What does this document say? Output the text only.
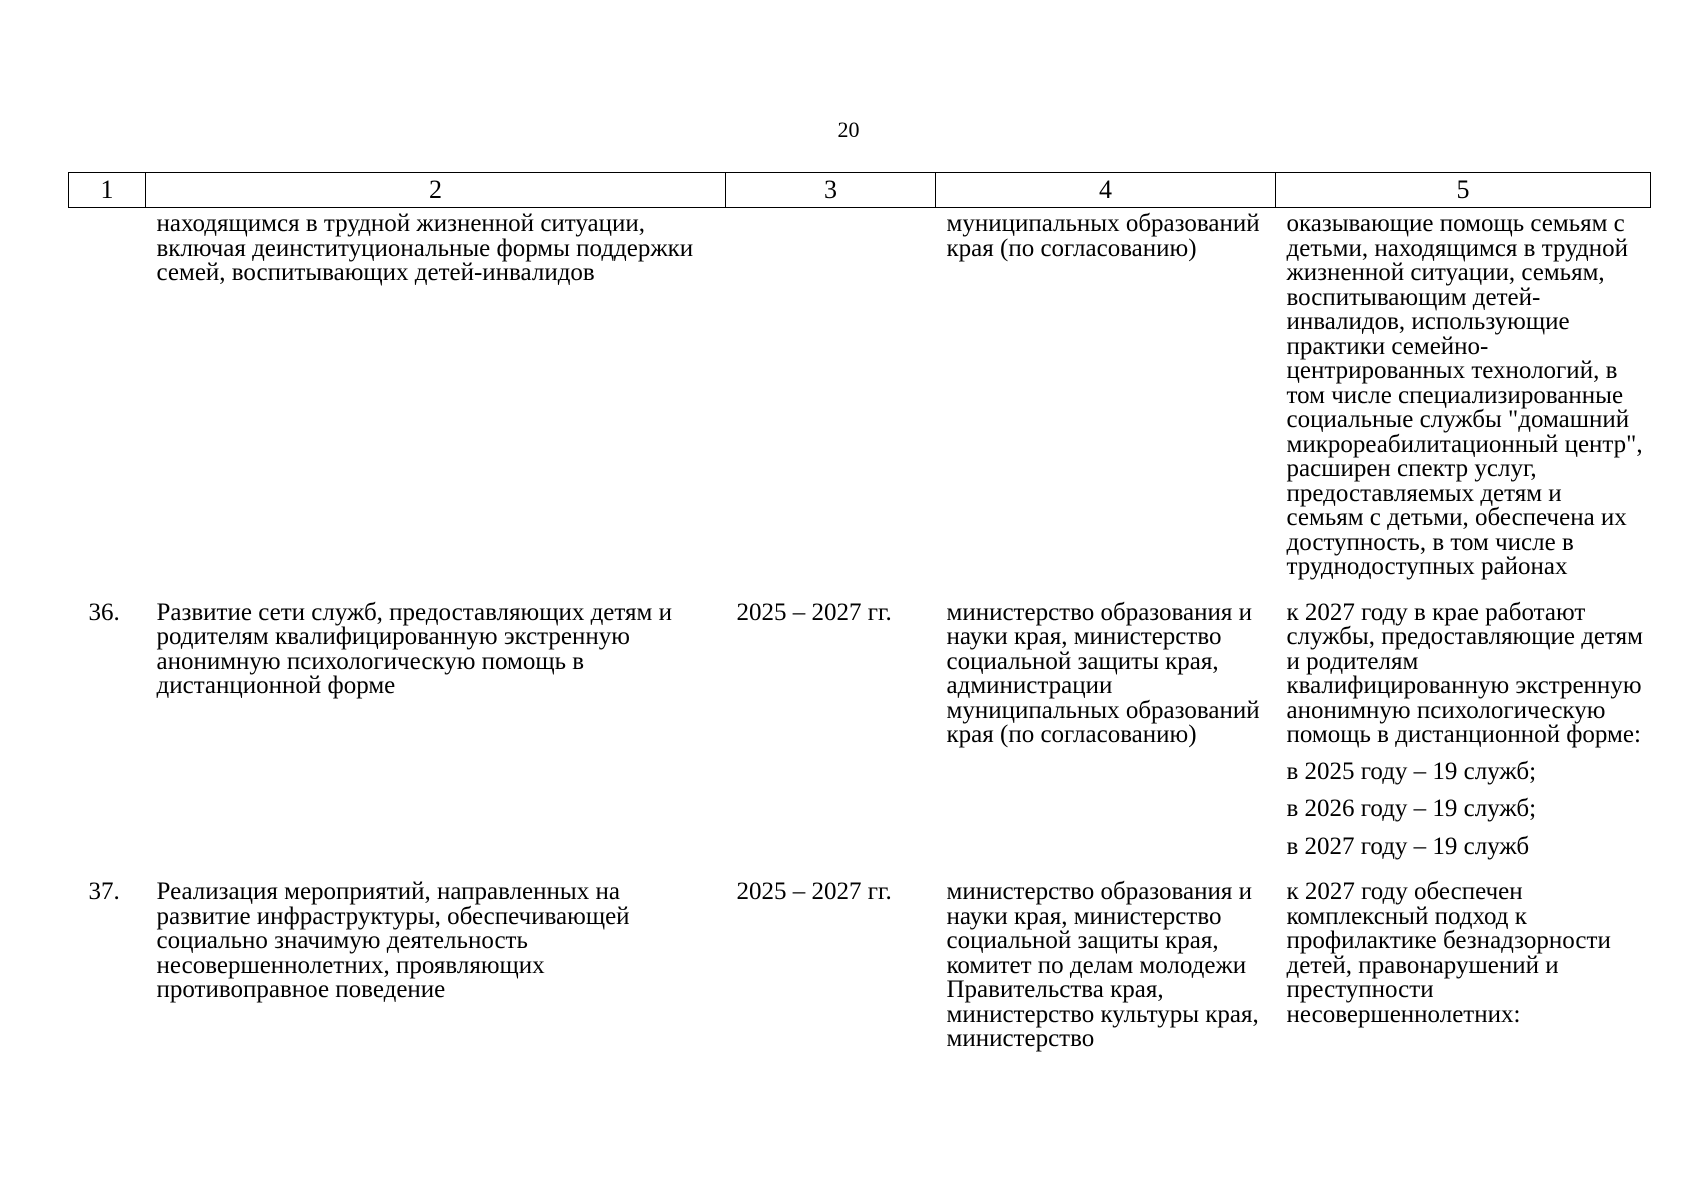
20
1	2	3	4	5
	находящимся в трудной жизненной ситуации, включая деинституциональные формы поддержки семей, воспитывающих детей-инвалидов		муниципальных образований края (по согласованию)	оказывающие помощь семьям с детьми, находящимся в трудной жизненной ситуации, семьям, воспитывающим детей-инвалидов, использующие практики семейно-центрированных технологий, в том числе специализированные социальные службы "домашний микрореабилитационный центр", расширен спектр услуг, предоставляемых детям и семьям с детьми, обеспечена их доступность, в том числе в труднодоступных районах
36.	Развитие сети служб, предоставляющих детям и родителям квалифицированную экстренную анонимную психологическую помощь в дистанционной форме	2025 – 2027 гг.	министерство образования и науки края, министерство социальной защиты края, администрации муниципальных образований края (по согласованию)	к 2027 году в крае работают службы, предоставляющие детям и родителям квалифицированную экстренную анонимную психологическую помощь в дистанционной форме:
в 2025 году – 19 служб;
в 2026 году – 19 служб;
в 2027 году – 19 служб

37.	Реализация мероприятий, направленных на развитие инфраструктуры, обеспечивающей социально значимую деятельность несовершеннолетних, проявляющих противоправное поведение	2025 – 2027 гг.	министерство образования и науки края, министерство социальной защиты края, комитет по делам молодежи Правительства края, министерство культуры края, министерство	к 2027 году обеспечен комплексный подход к профилактике безнадзорности детей, правонарушений и преступности несовершеннолетних:
